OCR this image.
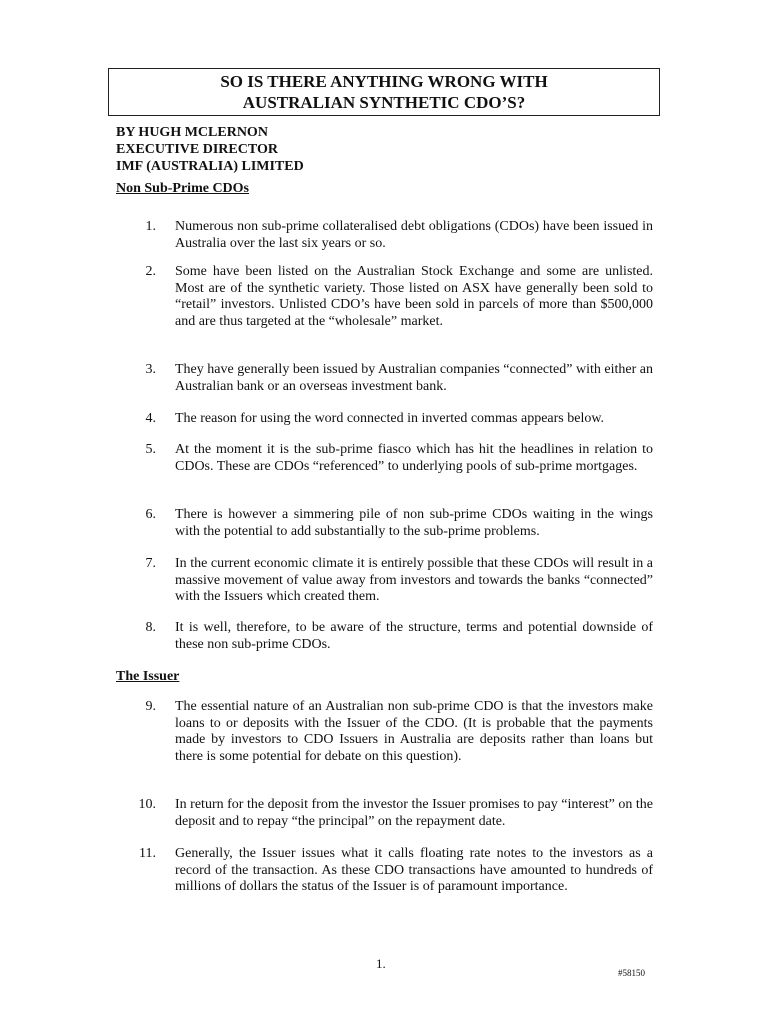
SO IS THERE ANYTHING WRONG WITH
AUSTRALIAN SYNTHETIC CDO’S?
BY HUGH MCLERNON
EXECUTIVE DIRECTOR
IMF (AUSTRALIA) LIMITED
Non Sub-Prime CDOs
1. Numerous non sub-prime collateralised debt obligations (CDOs) have been issued in Australia over the last six years or so.
2. Some have been listed on the Australian Stock Exchange and some are unlisted. Most are of the synthetic variety. Those listed on ASX have generally been sold to “retail” investors. Unlisted CDO’s have been sold in parcels of more than $500,000 and are thus targeted at the “wholesale” market.
3. They have generally been issued by Australian companies “connected” with either an Australian bank or an overseas investment bank.
4. The reason for using the word connected in inverted commas appears below.
5. At the moment it is the sub-prime fiasco which has hit the headlines in relation to CDOs. These are CDOs “referenced” to underlying pools of sub-prime mortgages.
6. There is however a simmering pile of non sub-prime CDOs waiting in the wings with the potential to add substantially to the sub-prime problems.
7. In the current economic climate it is entirely possible that these CDOs will result in a massive movement of value away from investors and towards the banks “connected” with the Issuers which created them.
8. It is well, therefore, to be aware of the structure, terms and potential downside of these non sub-prime CDOs.
The Issuer
9. The essential nature of an Australian non sub-prime CDO is that the investors make loans to or deposits with the Issuer of the CDO. (It is probable that the payments made by investors to CDO Issuers in Australia are deposits rather than loans but there is some potential for debate on this question).
10. In return for the deposit from the investor the Issuer promises to pay “interest” on the deposit and to repay “the principal” on the repayment date.
11. Generally, the Issuer issues what it calls floating rate notes to the investors as a record of the transaction. As these CDO transactions have amounted to hundreds of millions of dollars the status of the Issuer is of paramount importance.
1.
#58150
